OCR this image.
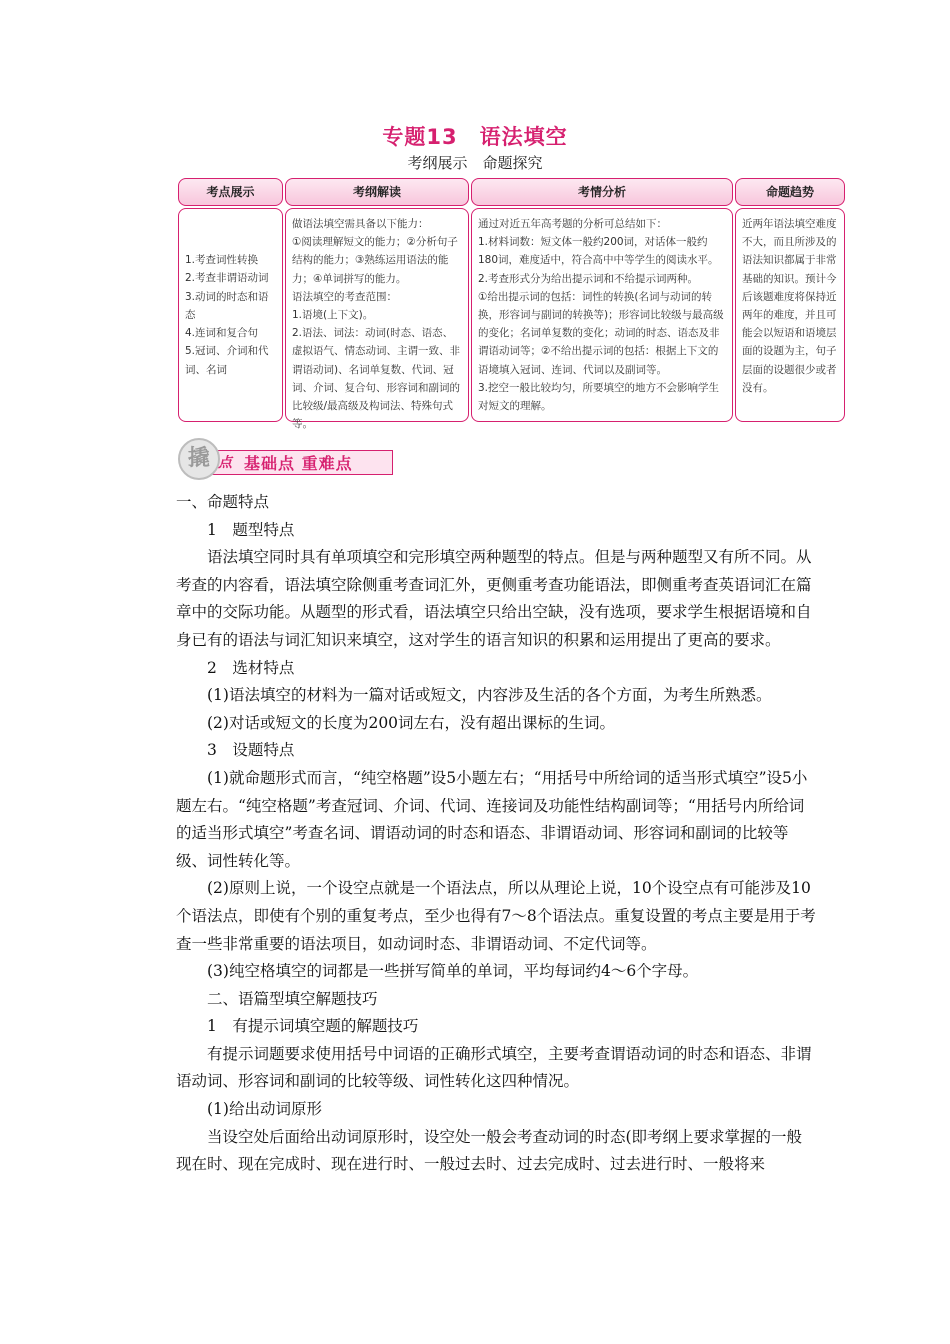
专题13　语法填空
考纲展示　命题探究
考点展示
1.考查词性转换
2.考查非谓语动词
3.动词的时态和语态
4.连词和复合句
5.冠词、介词和代词、名词
考纲解读
做语法填空需具备以下能力：
①阅读理解短文的能力；②分析句子结构的能力；③熟练运用语法的能力；④单词拼写的能力。
语法填空的考查范围：
1.语境(上下文)。
2.语法、词法：动词(时态、语态、虚拟语气、情态动词、主谓一致、非谓语动词)、名词单复数、代词、冠词、介词、复合句、形容词和副词的比较级/最高级及构词法、特殊句式等。
考情分析
通过对近五年高考题的分析可总结如下：
1.材料词数：短文体一般约200词，对话体一般约180词，难度适中，符合高中中等学生的阅读水平。
2.考查形式分为给出提示词和不给提示词两种。
①给出提示词的包括：词性的转换(名词与动词的转换，形容词与副词的转换等)；形容词比较级与最高级的变化；名词单复数的变化；动词的时态、语态及非谓语动词等；②不给出提示词的包括：根据上下文的语境填入冠词、连词、代词以及副词等。
3.挖空一般比较均匀，所要填空的地方不会影响学生对短文的理解。
命题趋势
近两年语法填空难度不大，而且所涉及的语法知识都属于非常基础的知识。预计今后该题难度将保持近两年的难度，并且可能会以短语和语境层面的设题为主，句子层面的设题很少或者没有。
撬 点 基础点 重难点

一、命题特点

1　题型特点

语法填空同时具有单项填空和完形填空两种题型的特点。但是与两种题型又有所不同。从考查的内容看，语法填空除侧重考查词汇外，更侧重考查功能语法，即侧重考查英语词汇在篇章中的交际功能。从题型的形式看，语法填空只给出空缺，没有选项，要求学生根据语境和自身已有的语法与词汇知识来填空，这对学生的语言知识的积累和运用提出了更高的要求。

2　选材特点

(1)语法填空的材料为一篇对话或短文，内容涉及生活的各个方面，为考生所熟悉。

(2)对话或短文的长度为200词左右，没有超出课标的生词。

3　设题特点

(1)就命题形式而言，“纯空格题”设5小题左右；“用括号中所给词的适当形式填空”设5小题左右。“纯空格题”考查冠词、介词、代词、连接词及功能性结构副词等；“用括号内所给词的适当形式填空”考查名词、谓语动词的时态和语态、非谓语动词、形容词和副词的比较等级、词性转化等。

(2)原则上说，一个设空点就是一个语法点，所以从理论上说，10个设空点有可能涉及10个语法点，即使有个别的重复考点，至少也得有7～8个语法点。重复设置的考点主要是用于考查一些非常重要的语法项目，如动词时态、非谓语动词、不定代词等。

(3)纯空格填空的词都是一些拼写简单的单词，平均每词约4～6个字母。

二、语篇型填空解题技巧

1　有提示词填空题的解题技巧

有提示词题要求使用括号中词语的正确形式填空，主要考查谓语动词的时态和语态、非谓语动词、形容词和副词的比较等级、词性转化这四种情况。

(1)给出动词原形

当设空处后面给出动词原形时，设空处一般会考查动词的时态(即考纲上要求掌握的一般现在时、现在完成时、现在进行时、一般过去时、过去完成时、过去进行时、一般将来
